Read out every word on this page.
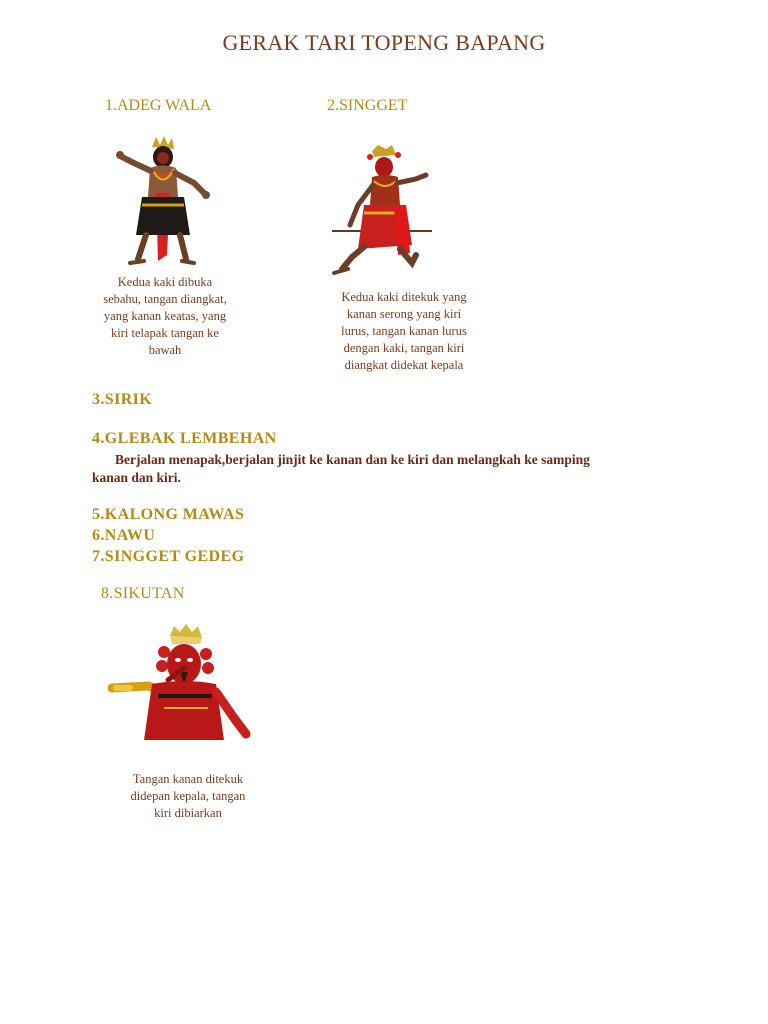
GERAK TARI TOPENG BAPANG
1.ADEG WALA
Kedua kaki dibuka
sebahu, tangan diangkat,
yang kanan keatas, yang
kiri telapak tangan ke
bawah
2.SINGGET
Kedua kaki ditekuk yang
kanan serong yang kiri
lurus, tangan kanan lurus
dengan kaki, tangan kiri
diangkat didekat kepala
3.SIRIK
4.GLEBAK LEMBEHAN
Berjalan menapak,berjalan jinjit ke kanan dan ke kiri dan melangkah ke samping
kanan dan kiri.
5.KALONG MAWAS
6.NAWU
7.SINGGET GEDEG
8.SIKUTAN
Tangan kanan ditekuk
didepan kepala, tangan
kiri dibiarkan
